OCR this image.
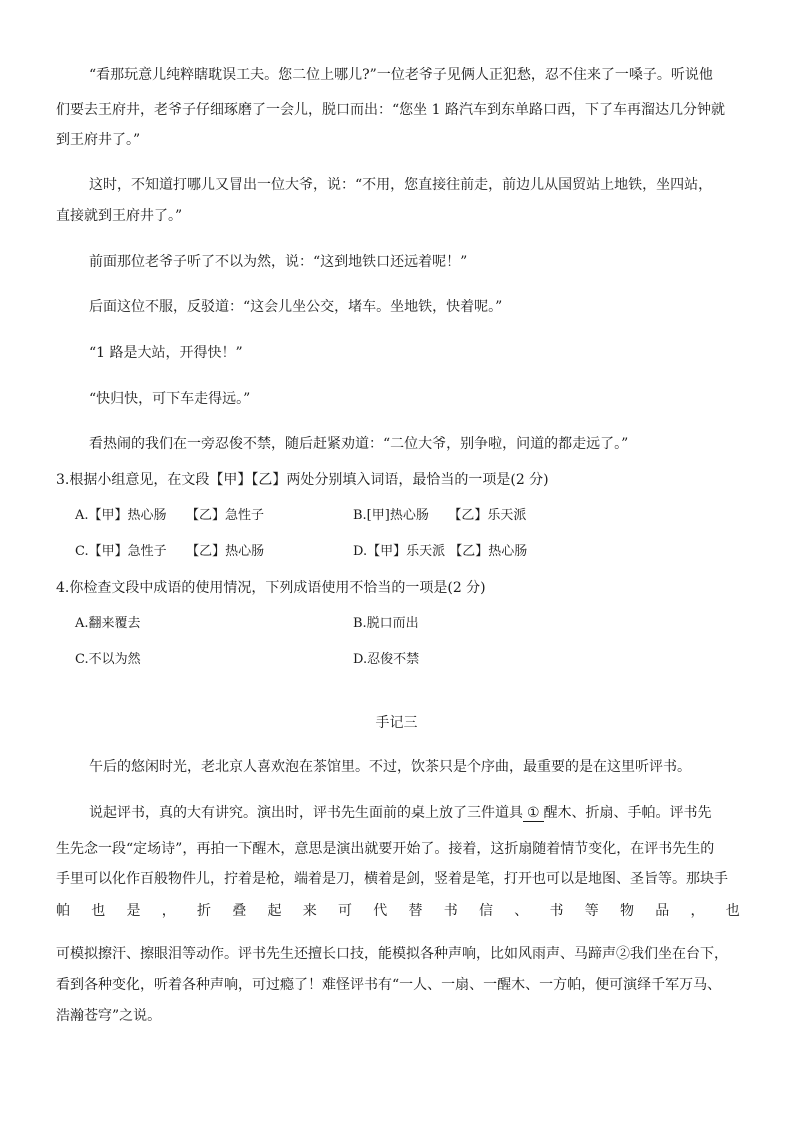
“看那玩意儿纯粹瞎耽误工夫。您二位上哪儿?”一位老爷子见俩人正犯愁，忍不住来了一嗓子。听说他

们要去王府井，老爷子仔细琢磨了一会儿，脱口而出：“您坐 1 路汽车到东单路口西，下了车再溜达几分钟就

到王府井了。”

这时，不知道打哪儿又冒出一位大爷，说：“不用，您直接往前走，前边儿从国贸站上地铁，坐四站，

直接就到王府井了。”

前面那位老爷子听了不以为然，说：“这到地铁口还远着呢！”

后面这位不服，反驳道：“这会儿坐公交，堵车。坐地铁，快着呢。”

“1 路是大站，开得快！”

“快归快，可下车走得远。”

看热闹的我们在一旁忍俊不禁，随后赶紧劝道：“二位大爷，别争啦，问道的都走远了。”

3.根据小组意见，在文段【甲】【乙】两处分别填入词语，最恰当的一项是(2 分)

A.【甲】热心肠　　【乙】急性子	B.[甲]热心肠　　【乙】乐天派
C.【甲】急性子　　【乙】热心肠	D.【甲】乐天派 【乙】热心肠

4.你检查文段中成语的使用情况，下列成语使用不恰当的一项是(2 分)

A.翻来覆去	B.脱口而出
C.不以为然	D.忍俊不禁
手记三

午后的悠闲时光，老北京人喜欢泡在茶馆里。不过，饮茶只是个序曲，最重要的是在这里听评书。

说起评书，真的大有讲究。演出时，评书先生面前的桌上放了三件道具 ① 醒木、折扇、手帕。评书先

生先念一段“定场诗”，再拍一下醒木，意思是演出就要开始了。接着，这折扇随着情节变化，在评书先生的

手里可以化作百般物件儿，拧着是枪，端着是刀，横着是剑，竖着是笔，打开也可以是地图、圣旨等。那块手

帕 也 是 ， 折 叠 起 来 可 代 替 书 信 、 书 等 物 品 ， 也

可模拟擦汗、擦眼泪等动作。评书先生还擅长口技，能模拟各种声响，比如风雨声、马蹄声②我们坐在台下，

看到各种变化，听着各种声响，可过瘾了！难怪评书有“一人、一扇、一醒木、一方帕，便可演绎千军万马、

浩瀚苍穹”之说。
